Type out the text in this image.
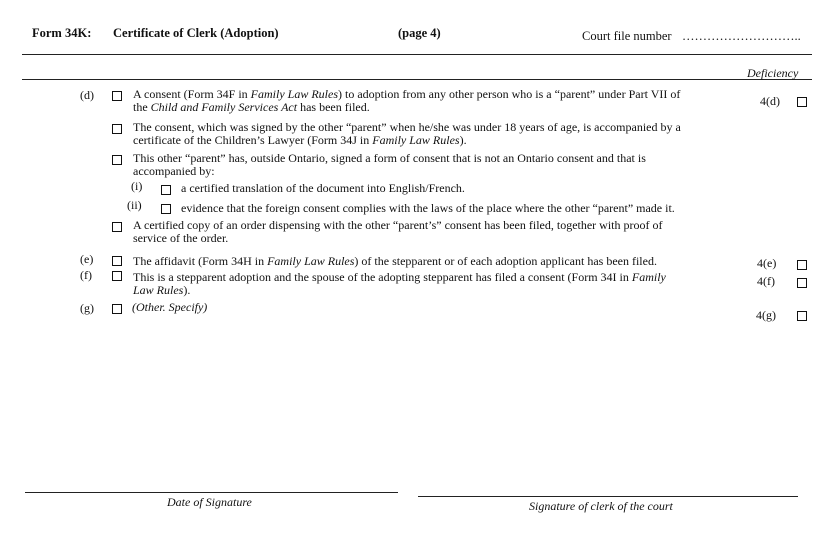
Form 34K: Certificate of Clerk (Adoption)	(page 4)	Court file number ………………………..
Deficiency
(d)	A consent (Form 34F in Family Law Rules) to adoption from any other person who is a “parent” under Part VII of
the Child and Family Services Act has been filed.	4(d)
The consent, which was signed by the other “parent” when he/she was under 18 years of age, is accompanied by a
certificate of the Children’s Lawyer (Form 34J in Family Law Rules).
This other “parent” has, outside Ontario, signed a form of consent that is not an Ontario consent and that is
accompanied by:
(i)	a certified translation of the document into English/French.
(ii)	evidence that the foreign consent complies with the laws of the place where the other “parent” made it.
A certified copy of an order dispensing with the other “parent’s” consent has been filed, together with proof of
service of the order.
(e)	The affidavit (Form 34H in Family Law Rules) of the stepparent or of each adoption applicant has been filed.	4(e)
(f)	This is a stepparent adoption and the spouse of the adopting stepparent has filed a consent (Form 34I in Family
Law Rules).
4(f)
(g)	(Other. Specify)
4(g)
Date of Signature	Signature of clerk of the court
